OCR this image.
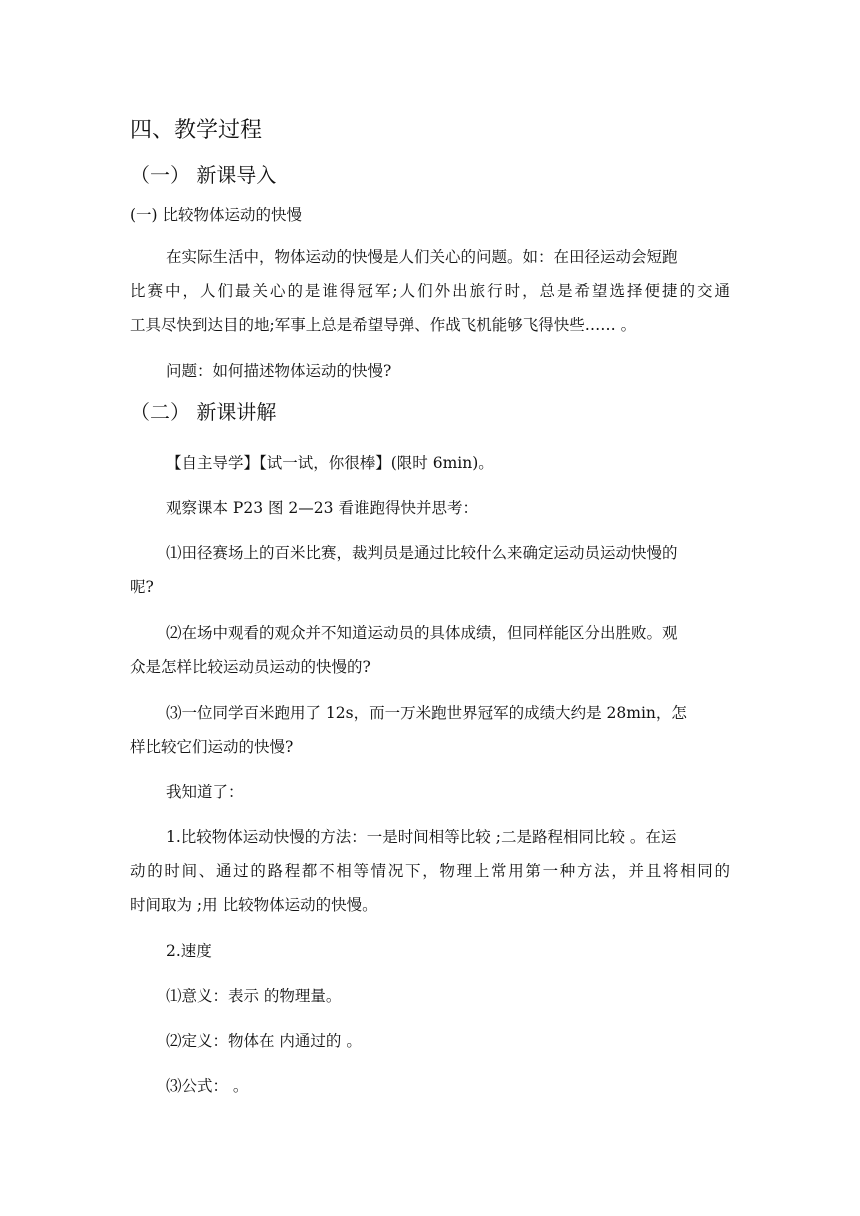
四、教学过程
（一） 新课导入
(一) 比较物体运动的快慢
在实际生活中，物体运动的快慢是人们关心的问题。如：在田径运动会短跑
比赛中，人们最关心的是谁得冠军;人们外出旅行时，总是希望选择便捷的交通
工具尽快到达目的地;军事上总是希望导弹、作战飞机能够飞得快些…… 。
问题：如何描述物体运动的快慢?
（二） 新课讲解
【自主导学】【试一试，你很棒】(限时 6min)。
观察课本 P23 图 2—23 看谁跑得快并思考：
⑴田径赛场上的百米比赛，裁判员是通过比较什么来确定运动员运动快慢的
呢?
⑵在场中观看的观众并不知道运动员的具体成绩，但同样能区分出胜败。观
众是怎样比较运动员运动的快慢的?
⑶一位同学百米跑用了 12s，而一万米跑世界冠军的成绩大约是 28min，怎
样比较它们运动的快慢?
我知道了：
1.比较物体运动快慢的方法：一是时间相等比较 ;二是路程相同比较 。在运
动的时间、通过的路程都不相等情况下，物理上常用第一种方法，并且将相同的
时间取为 ;用 比较物体运动的快慢。
2.速度
⑴意义：表示 的物理量。
⑵定义：物体在 内通过的 。
⑶公式： 。
